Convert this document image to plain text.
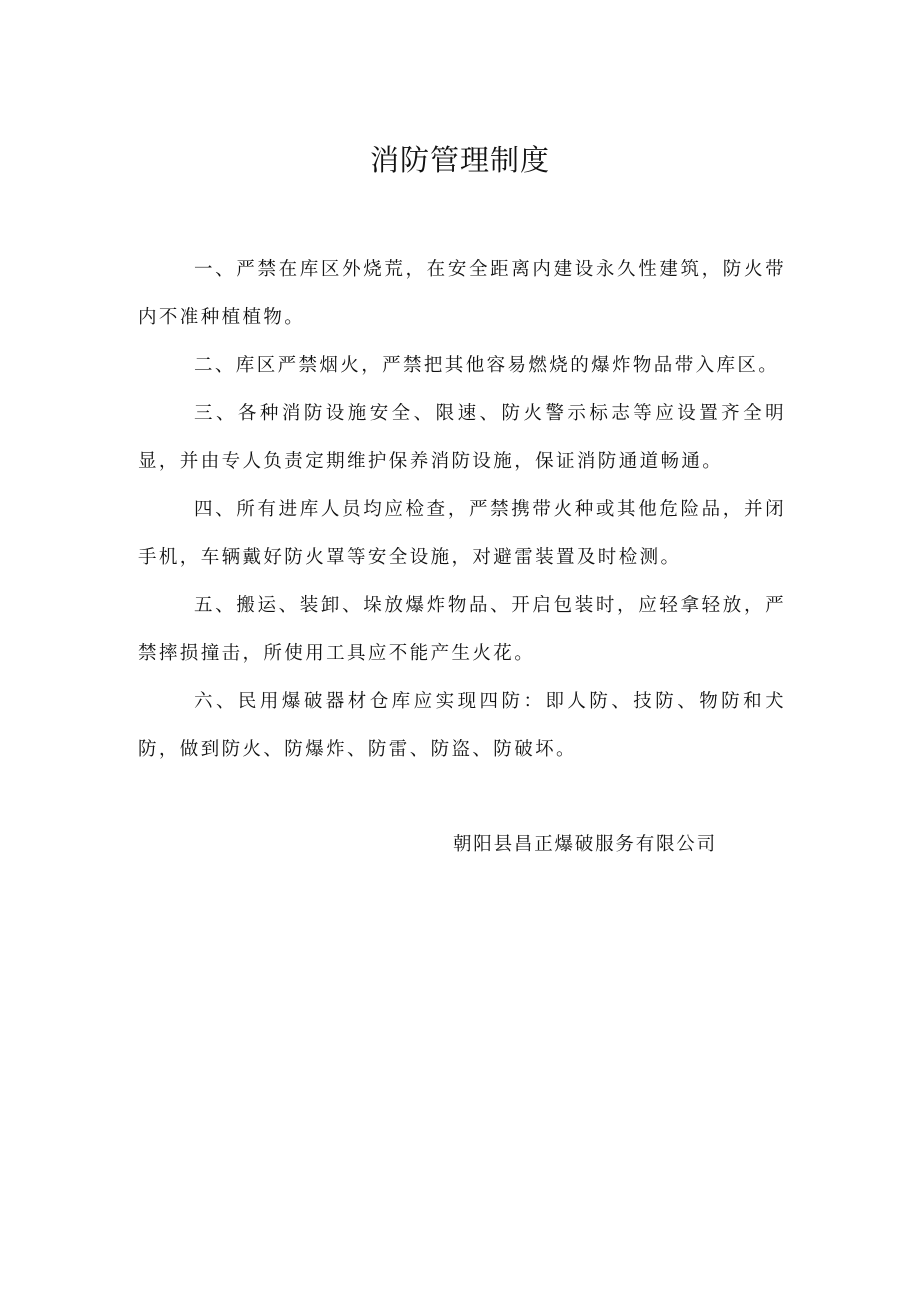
消防管理制度

一、严禁在库区外烧荒，在安全距离内建设永久性建筑，防火带内不准种植植物。

二、库区严禁烟火，严禁把其他容易燃烧的爆炸物品带入库区。

三、各种消防设施安全、限速、防火警示标志等应设置齐全明显，并由专人负责定期维护保养消防设施，保证消防通道畅通。

四、所有进库人员均应检查，严禁携带火种或其他危险品，并闭手机，车辆戴好防火罩等安全设施，对避雷装置及时检测。

五、搬运、装卸、垛放爆炸物品、开启包装时，应轻拿轻放，严禁摔损撞击，所使用工具应不能产生火花。

六、民用爆破器材仓库应实现四防：即人防、技防、物防和犬防，做到防火、防爆炸、防雷、防盗、防破坏。

朝阳县昌正爆破服务有限公司
